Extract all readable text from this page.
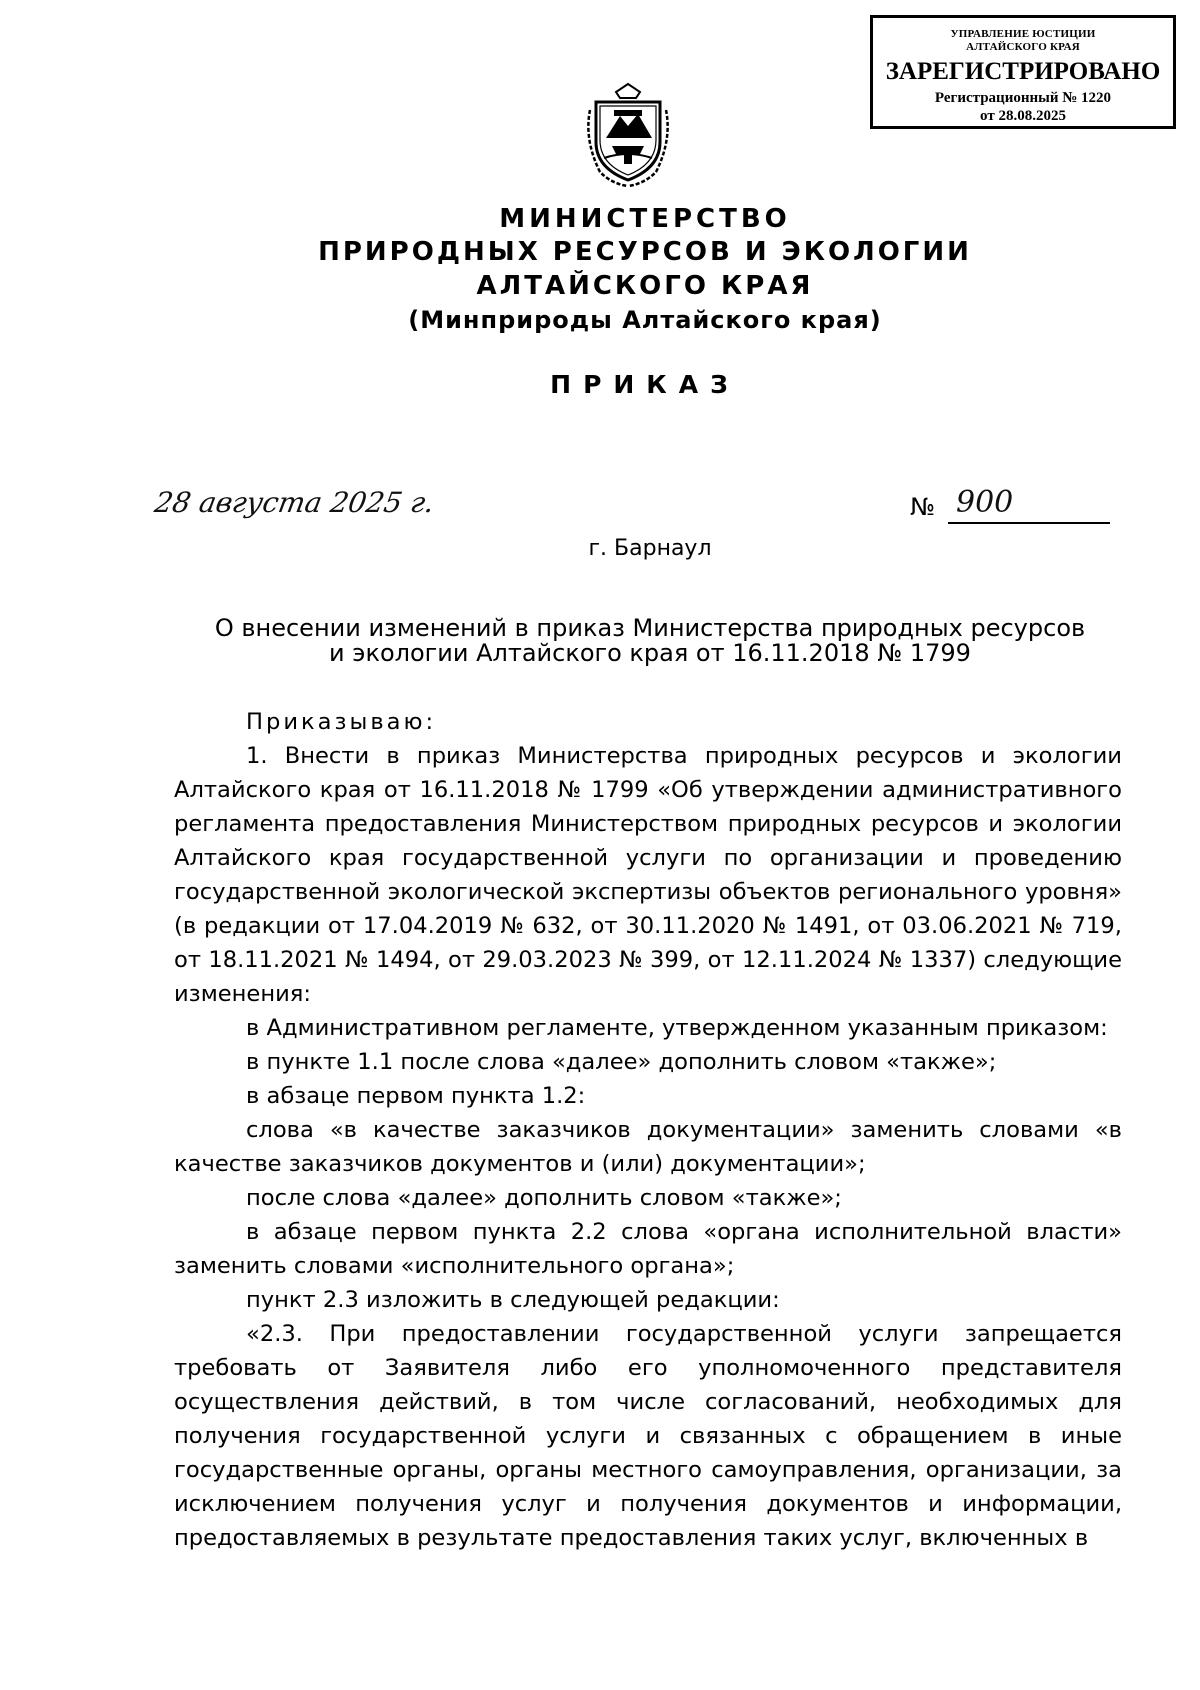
УПРАВЛЕНИЕ ЮСТИЦИИ
АЛТАЙСКОГО КРАЯ
ЗАРЕГИСТРИРОВАНО
Регистрационный № 1220
от 28.08.2025
МИНИСТЕРСТВО
ПРИРОДНЫХ РЕСУРСОВ И ЭКОЛОГИИ
АЛТАЙСКОГО КРАЯ
(Минприроды Алтайского края)
ПРИКАЗ
28 августа 2025 г.	№ 900
г. Барнаул
О внесении изменений в приказ Министерства природных ресурсов
и экологии Алтайского края от 16.11.2018 № 1799

Приказываю:

1. Внести в приказ Министерства природных ресурсов и экологии Алтайского края от 16.11.2018 № 1799 «Об утверждении административного регламента предоставления Министерством природных ресурсов и экологии Алтайского края государственной услуги по организации и проведению государственной экологической экспертизы объектов регионального уровня» (в редакции от 17.04.2019 № 632, от 30.11.2020 № 1491, от 03.06.2021 № 719, от 18.11.2021 № 1494, от 29.03.2023 № 399, от 12.11.2024 № 1337) следующие изменения:

в Административном регламенте, утвержденном указанным приказом:

в пункте 1.1 после слова «далее» дополнить словом «также»;

в абзаце первом пункта 1.2:

слова «в качестве заказчиков документации» заменить словами «в качестве заказчиков документов и (или) документации»;

после слова «далее» дополнить словом «также»;

в абзаце первом пункта 2.2 слова «органа исполнительной власти» заменить словами «исполнительного органа»;

пункт 2.3 изложить в следующей редакции:

«2.3. При предоставлении государственной услуги запрещается требовать от Заявителя либо его уполномоченного представителя осуществления действий, в том числе согласований, необходимых для получения государственной услуги и связанных с обращением в иные государственные органы, органы местного самоуправления, организации, за исключением получения услуг и получения документов и информации, предоставляемых в результате предоставления таких услуг, включенных в
